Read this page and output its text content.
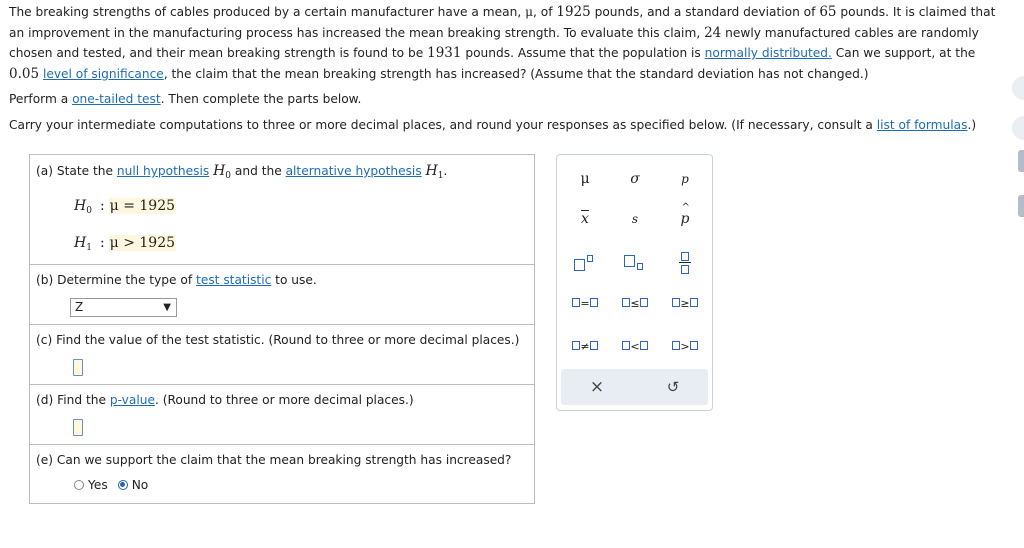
The breaking strengths of cables produced by a certain manufacturer have a mean, μ, of 1925 pounds, and a standard deviation of 65 pounds. It is claimed that an improvement in the manufacturing process has increased the mean breaking strength. To evaluate this claim, 24 newly manufactured cables are randomly chosen and tested, and their mean breaking strength is found to be 1931 pounds. Assume that the population is normally distributed. Can we support, at the 0.05 level of significance, the claim that the mean breaking strength has increased? (Assume that the standard deviation has not changed.)

Perform a one-tailed test. Then complete the parts below.
Carry your intermediate computations to three or more decimal places, and round your responses as specified below. (If necessary, consult a list of formulas.)
(a) State the null hypothesis $H_0$ and the alternative hypothesis $H_1$.
$H_0$ : μ = 1925
$H_1$ : μ > 1925
(b) Determine the type of test statistic to use.
Z	▼
(c) Find the value of the test statistic. (Round to three or more decimal places.)
(d) Find the p-value. (Round to three or more decimal places.)
(e) Can we support the claim that the mean breaking strength has increased?
Yes No
μ	σ	p
$\overline{x}$	s	p
^
=	≤	≥
≠	<	>
×	↺
